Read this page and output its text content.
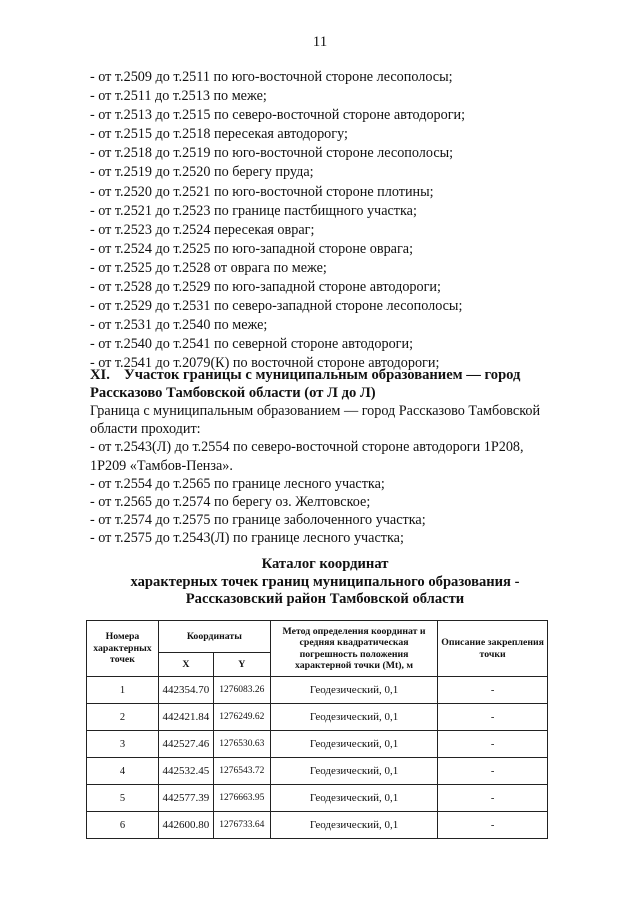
11
- от т.2509 до т.2511 по юго-восточной стороне лесополосы;
- от т.2511 до т.2513 по меже;
- от т.2513 до т.2515 по северо-восточной стороне автодороги;
- от т.2515 до т.2518 пересекая автодорогу;
- от т.2518 до т.2519 по юго-восточной стороне лесополосы;
- от т.2519 до т.2520 по берегу пруда;
- от т.2520 до т.2521 по юго-восточной стороне плотины;
- от т.2521 до т.2523 по границе пастбищного участка;
- от т.2523 до т.2524 пересекая овраг;
- от т.2524 до т.2525 по юго-западной стороне оврага;
- от т.2525 до т.2528 от оврага по меже;
- от т.2528 до т.2529 по юго-западной стороне автодороги;
- от т.2529 до т.2531 по северо-западной стороне лесополосы;
- от т.2531 до т.2540 по меже;
- от т.2540 до т.2541 по северной стороне автодороги;
- от т.2541 до т.2079(К) по восточной стороне автодороги;
XI. Участок границы с муниципальным образованием — город Рассказово Тамбовской области (от Л до Л)

Граница с муниципальным образованием — город Рассказово Тамбовской области проходит:

- от т.2543(Л) до т.2554 по северо-восточной стороне автодороги 1Р208, 1Р209 «Тамбов-Пенза».
- от т.2554 до т.2565 по границе лесного участка;
- от т.2565 до т.2574 по берегу оз. Желтовское;
- от т.2574 до т.2575 по границе заболоченного участка;
- от т.2575 до т.2543(Л) по границе лесного участка;
Каталог координат
характерных точек границ муниципального образования -
Рассказовский район Тамбовской области
Номера характерных точек	Координаты		Метод определения координат и средняя квадратическая погрешность положения характерной точки (Mt), м	Описание закрепления точки
	X	Y		
1	442354.70	1276083.26	Геодезический, 0,1	-
2	442421.84	1276249.62	Геодезический, 0,1	-
3	442527.46	1276530.63	Геодезический, 0,1	-
4	442532.45	1276543.72	Геодезический, 0,1	-
5	442577.39	1276663.95	Геодезический, 0,1	-
6	442600.80	1276733.64	Геодезический, 0,1	-
